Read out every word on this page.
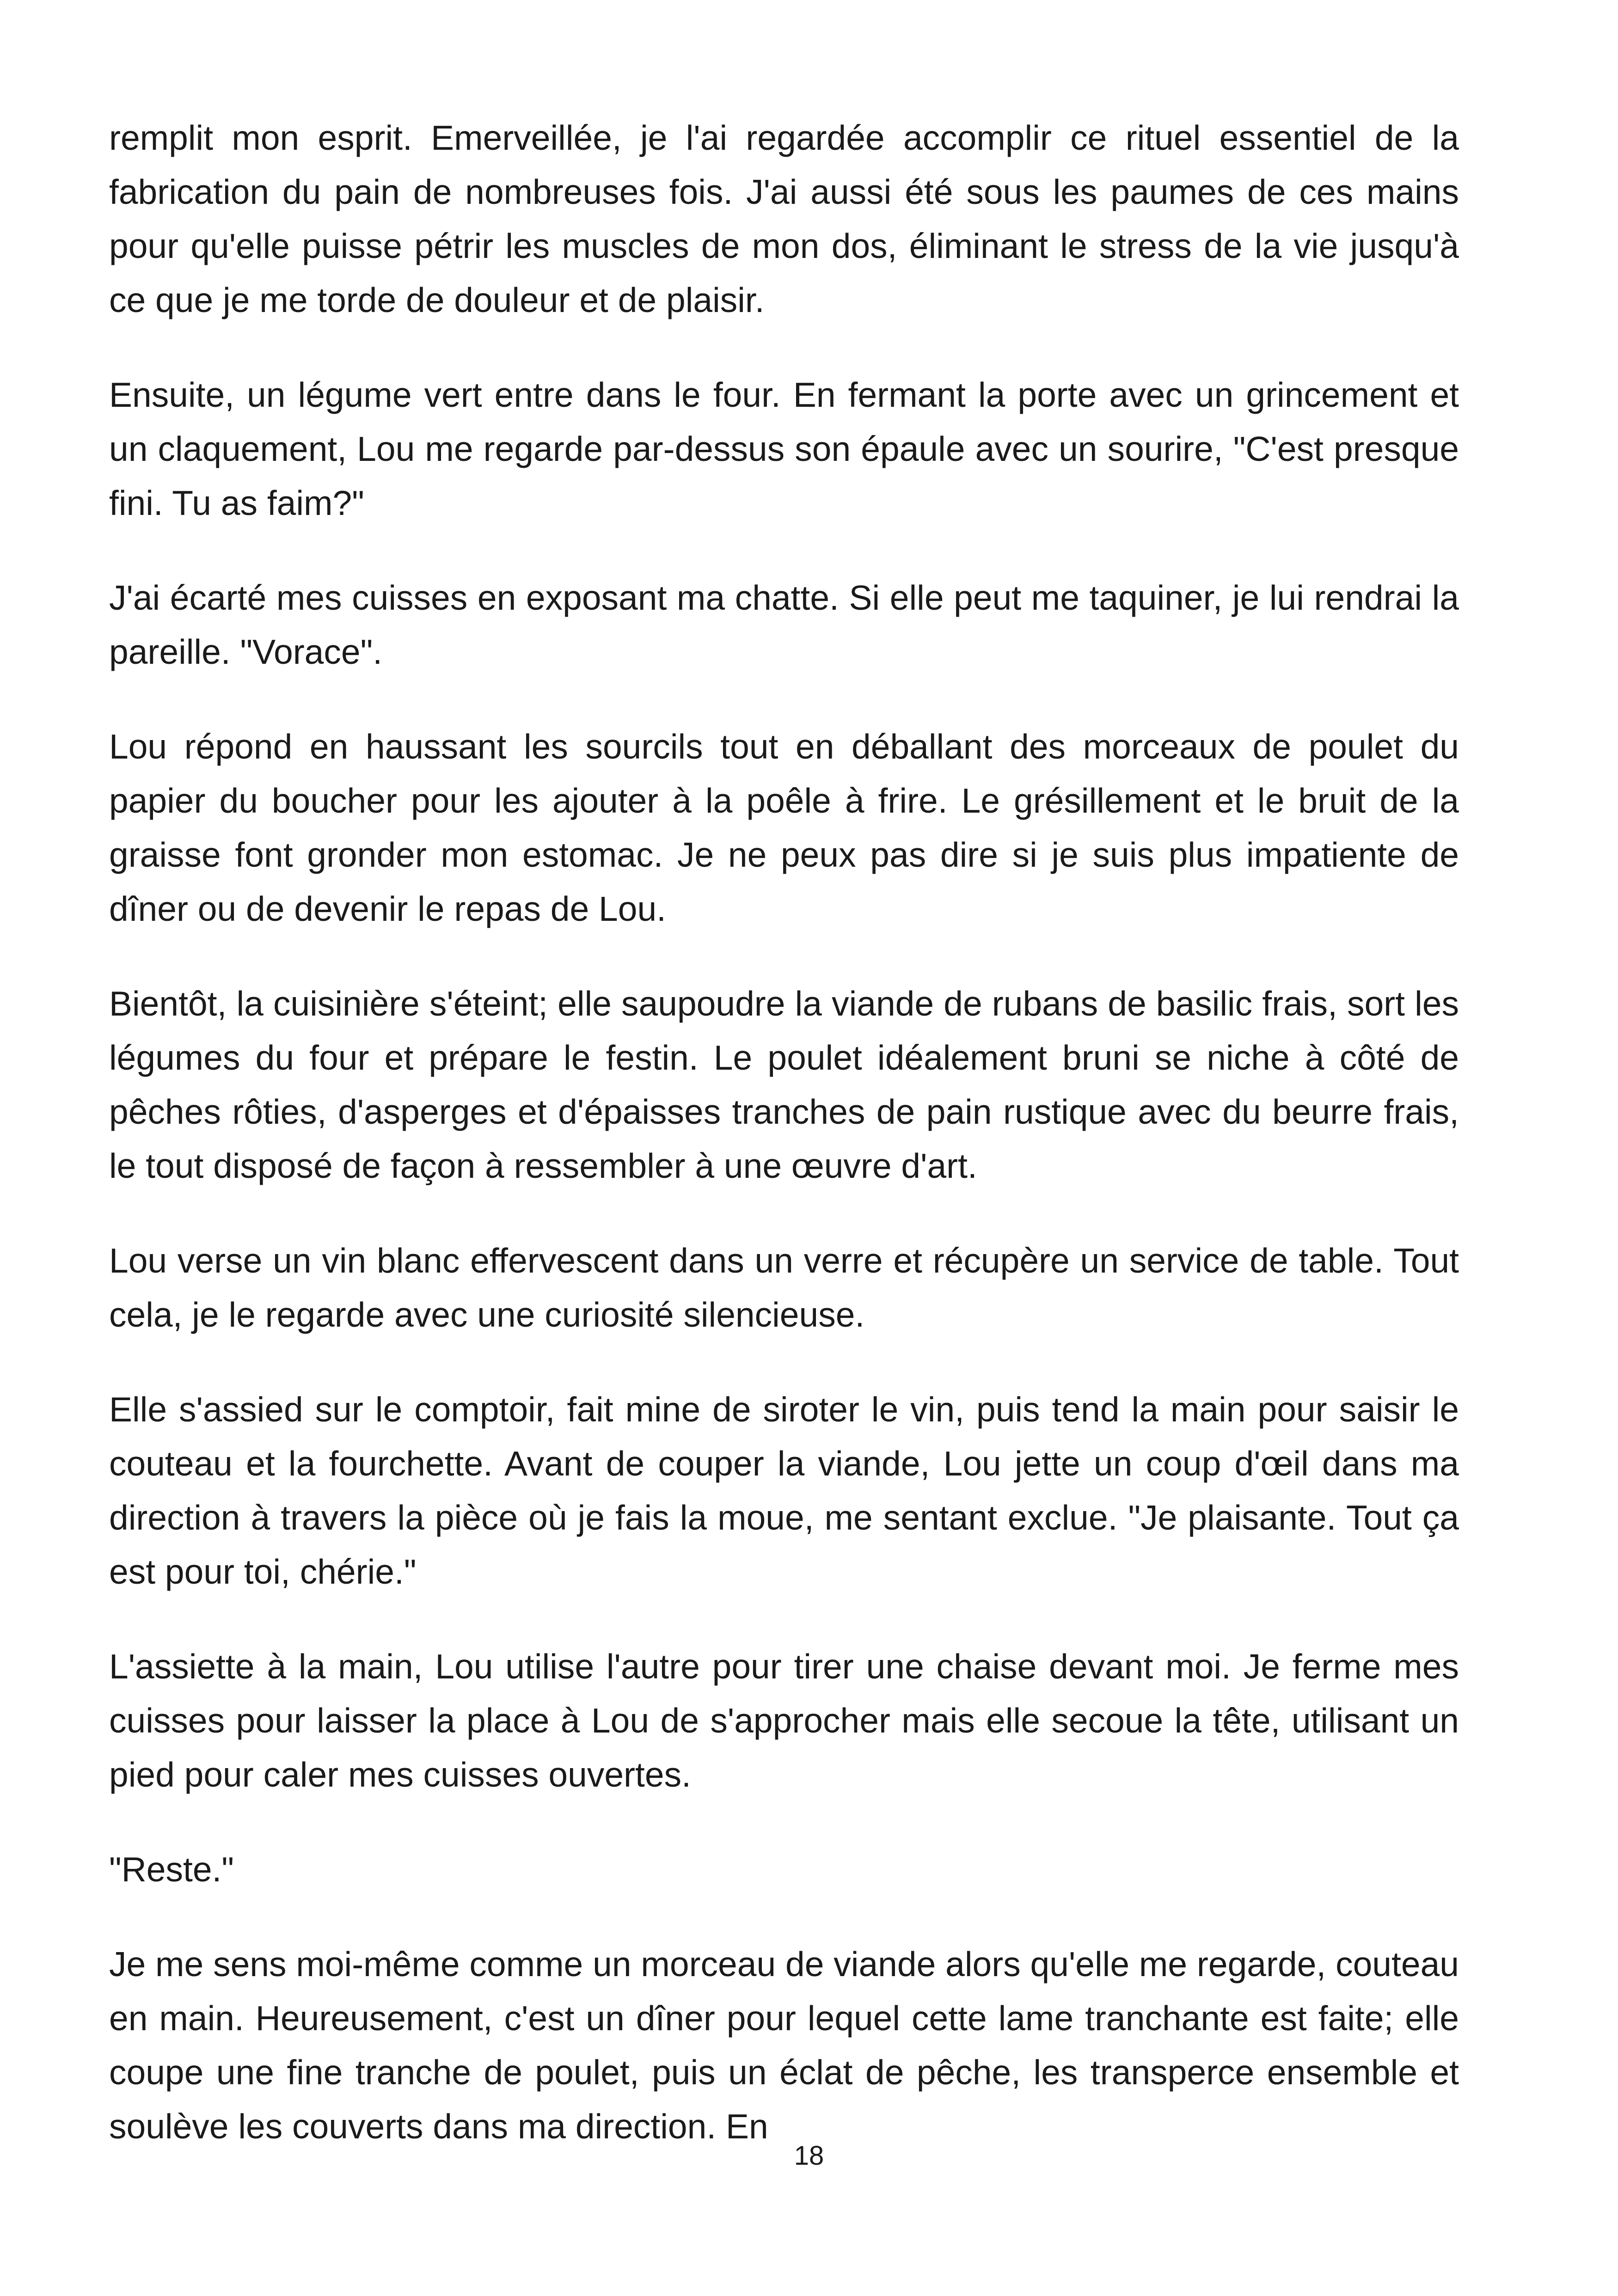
remplit mon esprit. Emerveillée, je l'ai regardée accomplir ce rituel essentiel de la fabrication du pain de nombreuses fois. J'ai aussi été sous les paumes de ces mains pour qu'elle puisse pétrir les muscles de mon dos, éliminant le stress de la vie jusqu'à ce que je me torde de douleur et de plaisir.

Ensuite, un légume vert entre dans le four. En fermant la porte avec un grincement et un claquement, Lou me regarde par-dessus son épaule avec un sourire, "C'est presque fini. Tu as faim?"

J'ai écarté mes cuisses en exposant ma chatte. Si elle peut me taquiner, je lui rendrai la pareille. "Vorace".

Lou répond en haussant les sourcils tout en déballant des morceaux de poulet du papier du boucher pour les ajouter à la poêle à frire. Le grésillement et le bruit de la graisse font gronder mon estomac. Je ne peux pas dire si je suis plus impatiente de dîner ou de devenir le repas de Lou.

Bientôt, la cuisinière s'éteint; elle saupoudre la viande de rubans de basilic frais, sort les légumes du four et prépare le festin. Le poulet idéalement bruni se niche à côté de pêches rôties, d'asperges et d'épaisses tranches de pain rustique avec du beurre frais, le tout disposé de façon à ressembler à une œuvre d'art.

Lou verse un vin blanc effervescent dans un verre et récupère un service de table. Tout cela, je le regarde avec une curiosité silencieuse.

Elle s'assied sur le comptoir, fait mine de siroter le vin, puis tend la main pour saisir le couteau et la fourchette. Avant de couper la viande, Lou jette un coup d'œil dans ma direction à travers la pièce où je fais la moue, me sentant exclue. "Je plaisante. Tout ça est pour toi, chérie."

L'assiette à la main, Lou utilise l'autre pour tirer une chaise devant moi. Je ferme mes cuisses pour laisser la place à Lou de s'approcher mais elle secoue la tête, utilisant un pied pour caler mes cuisses ouvertes.

"Reste."

Je me sens moi-même comme un morceau de viande alors qu'elle me regarde, couteau en main. Heureusement, c'est un dîner pour lequel cette lame tranchante est faite; elle coupe une fine tranche de poulet, puis un éclat de pêche, les transperce ensemble et soulève les couverts dans ma direction. En

18
